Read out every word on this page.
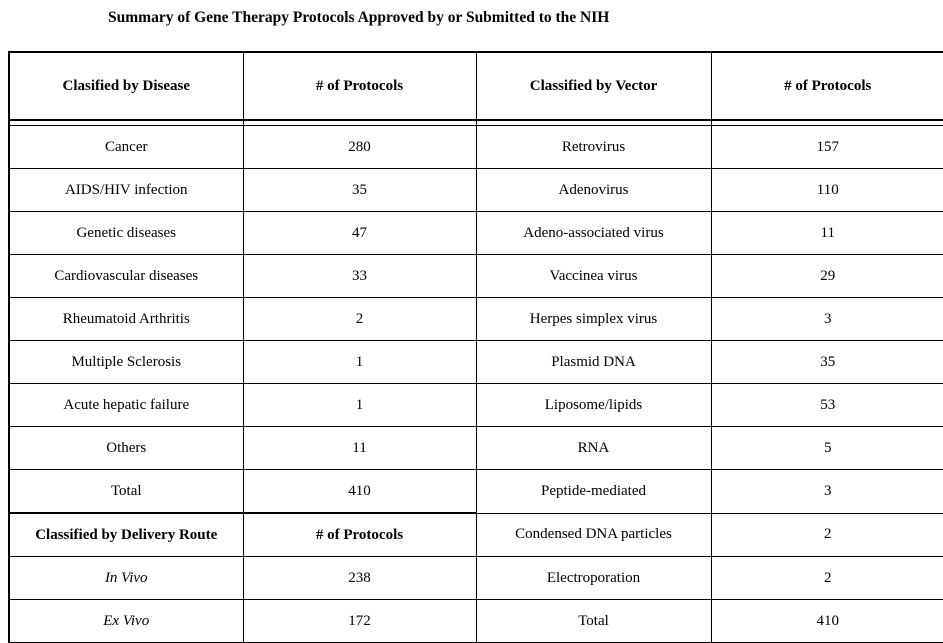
Summary of Gene Therapy Protocols Approved by or Submitted to the NIH
Clasified by Disease	# of Protocols	Classified by Vector	# of Protocols

Cancer	280	Retrovirus	157
AIDS/HIV infection	35	Adenovirus	110
Genetic diseases	47	Adeno-associated virus	11
Cardiovascular diseases	33	Vaccinea virus	29
Rheumatoid Arthritis	2	Herpes simplex virus	3
Multiple Sclerosis	1	Plasmid DNA	35
Acute hepatic failure	1	Liposome/lipids	53
Others	11	RNA	5
Total	410	Peptide-mediated	3
Classified by Delivery Route	# of Protocols	Condensed DNA particles	2
In Vivo	238	Electroporation	2
Ex Vivo	172	Total	410
